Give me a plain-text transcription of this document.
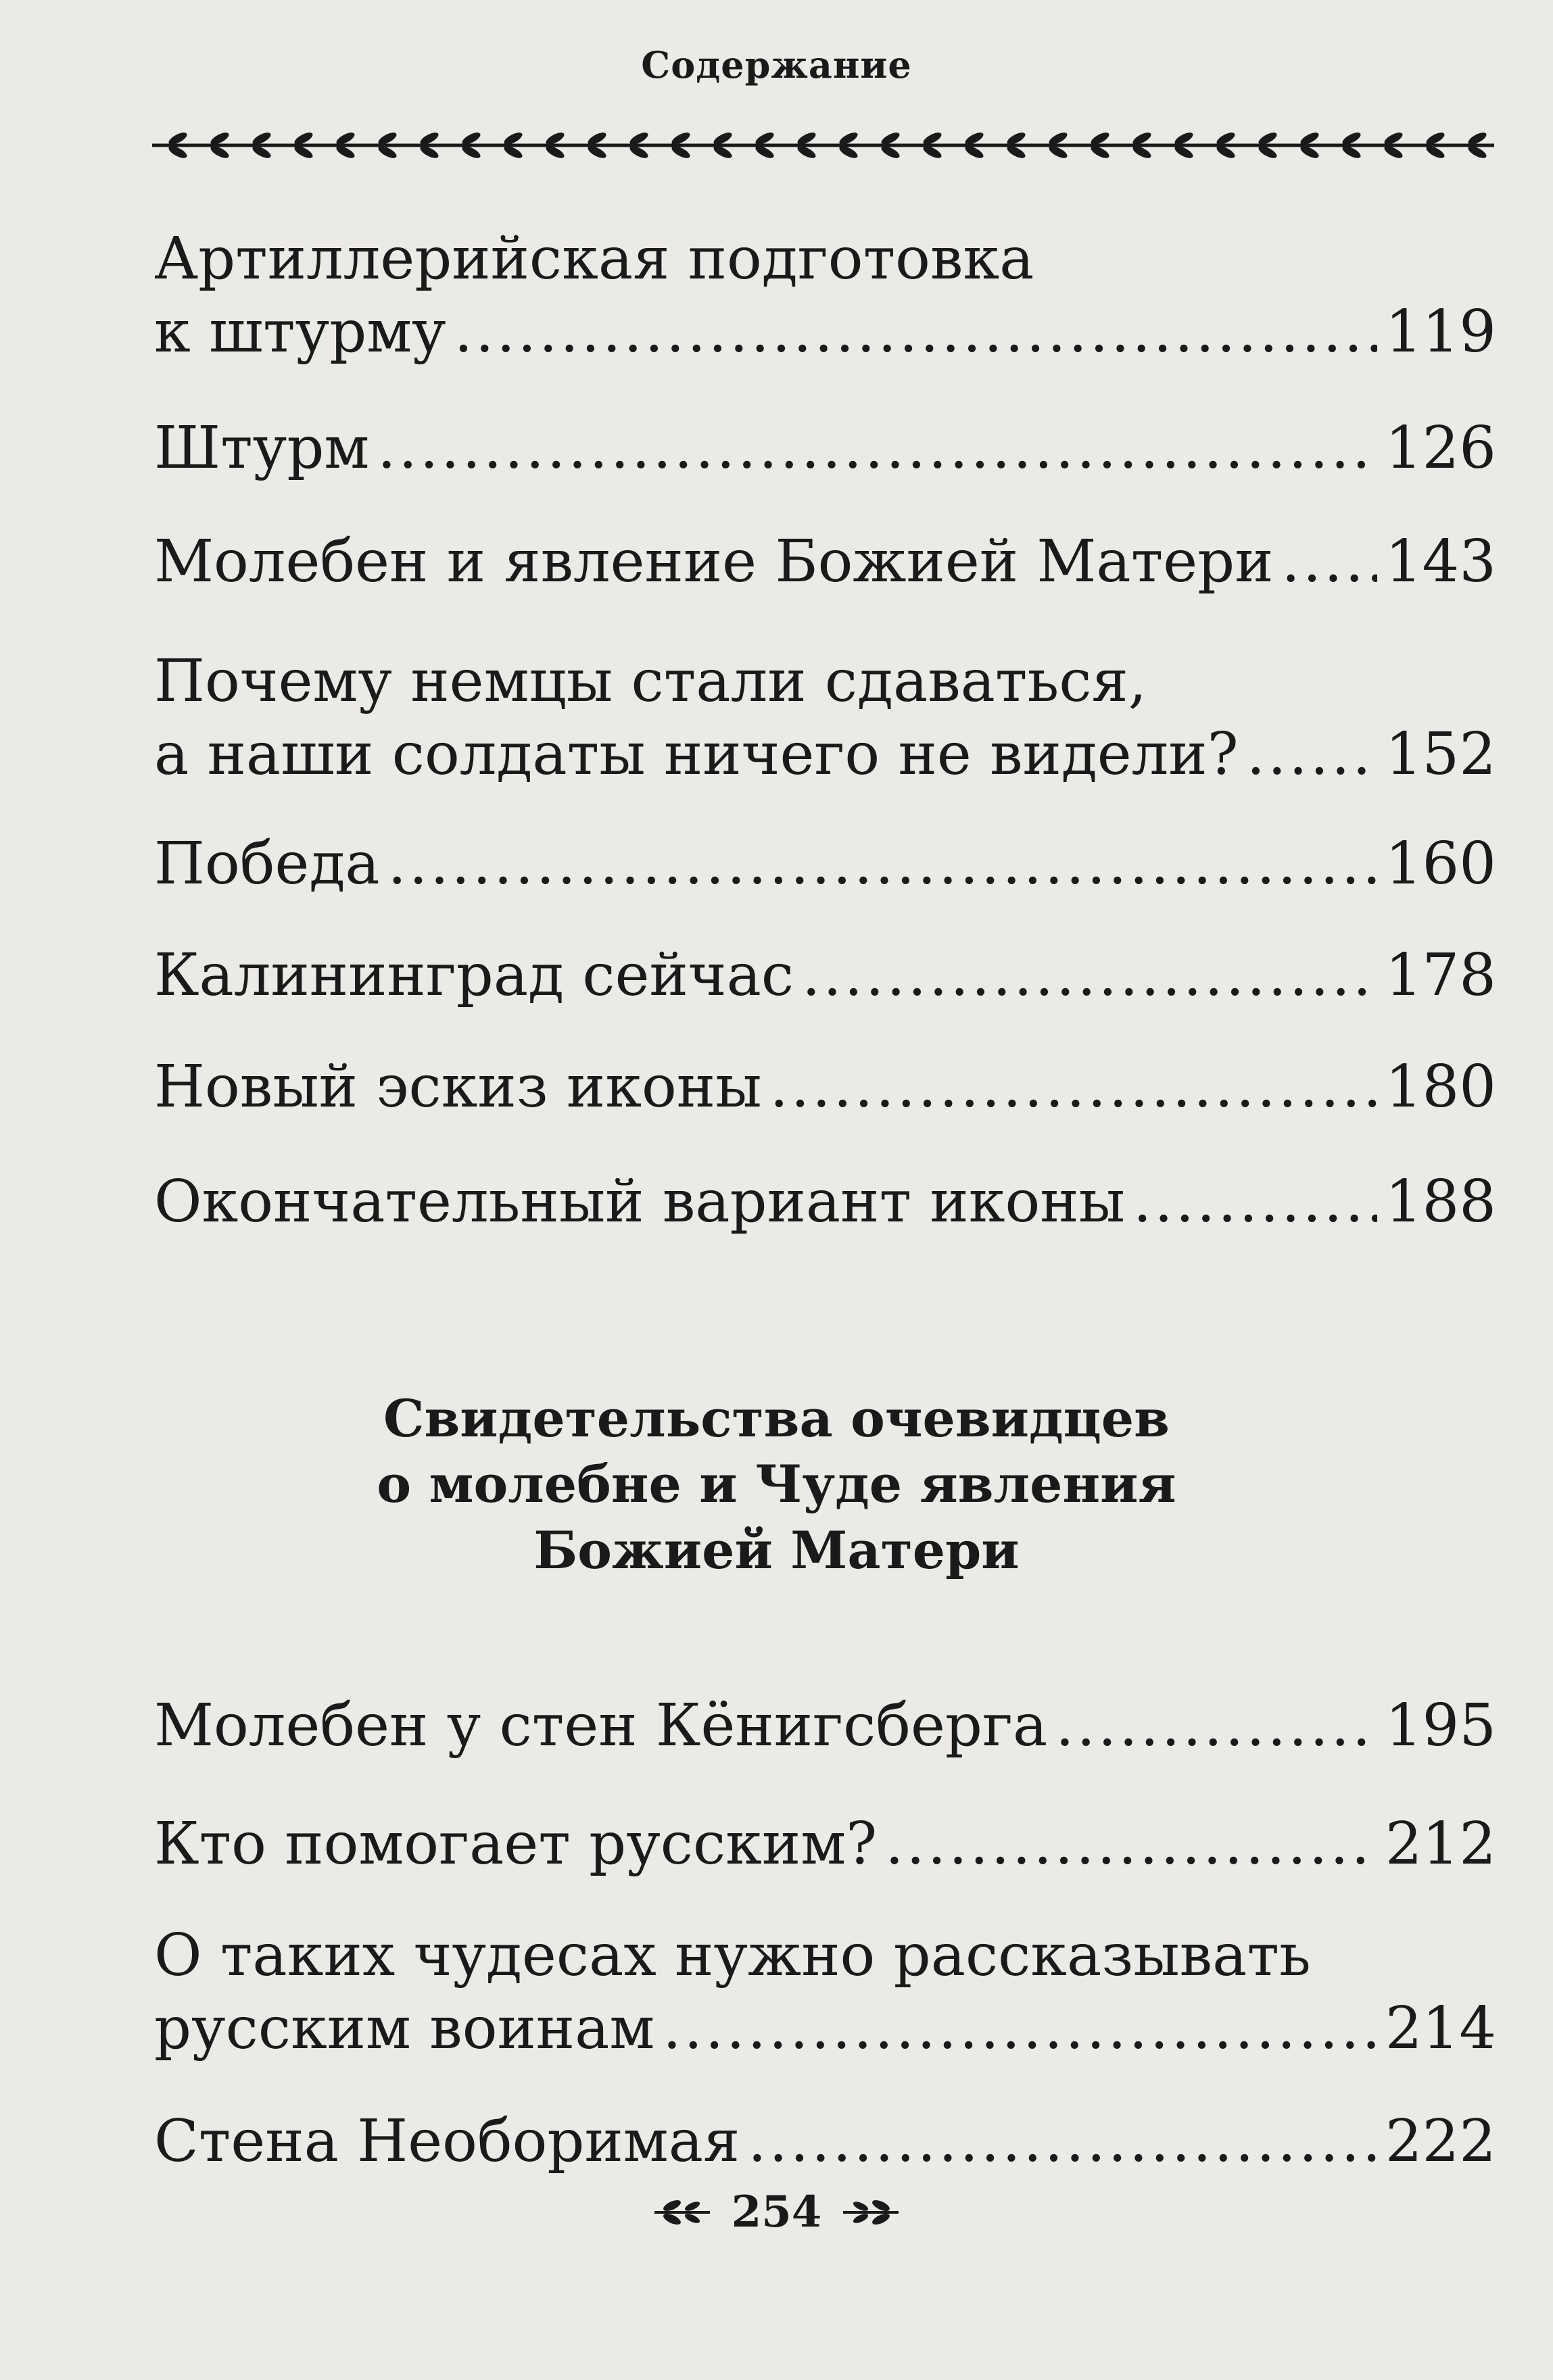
Содержание
Артиллерийская подготовка
к штурму .....	119
Штурм .....	126
Молебен и явление Божией Матери ..... 143
Почему немцы стали сдаваться,
а наши солдаты ничего не видели? .....	152
Победа .....	160
Калининград сейчас .....	178
Новый эскиз иконы .....	180
Окончательный вариант иконы .....	188
Свидетельства очевидцев
о молебне и Чуде явления
Божией Матери
Молебен у стен Кёнигсберга .....	195
Кто помогает русским? .....	212
О таких чудесах нужно рассказывать
русским воинам .....	214
Стена Необоримая .....	222
254
